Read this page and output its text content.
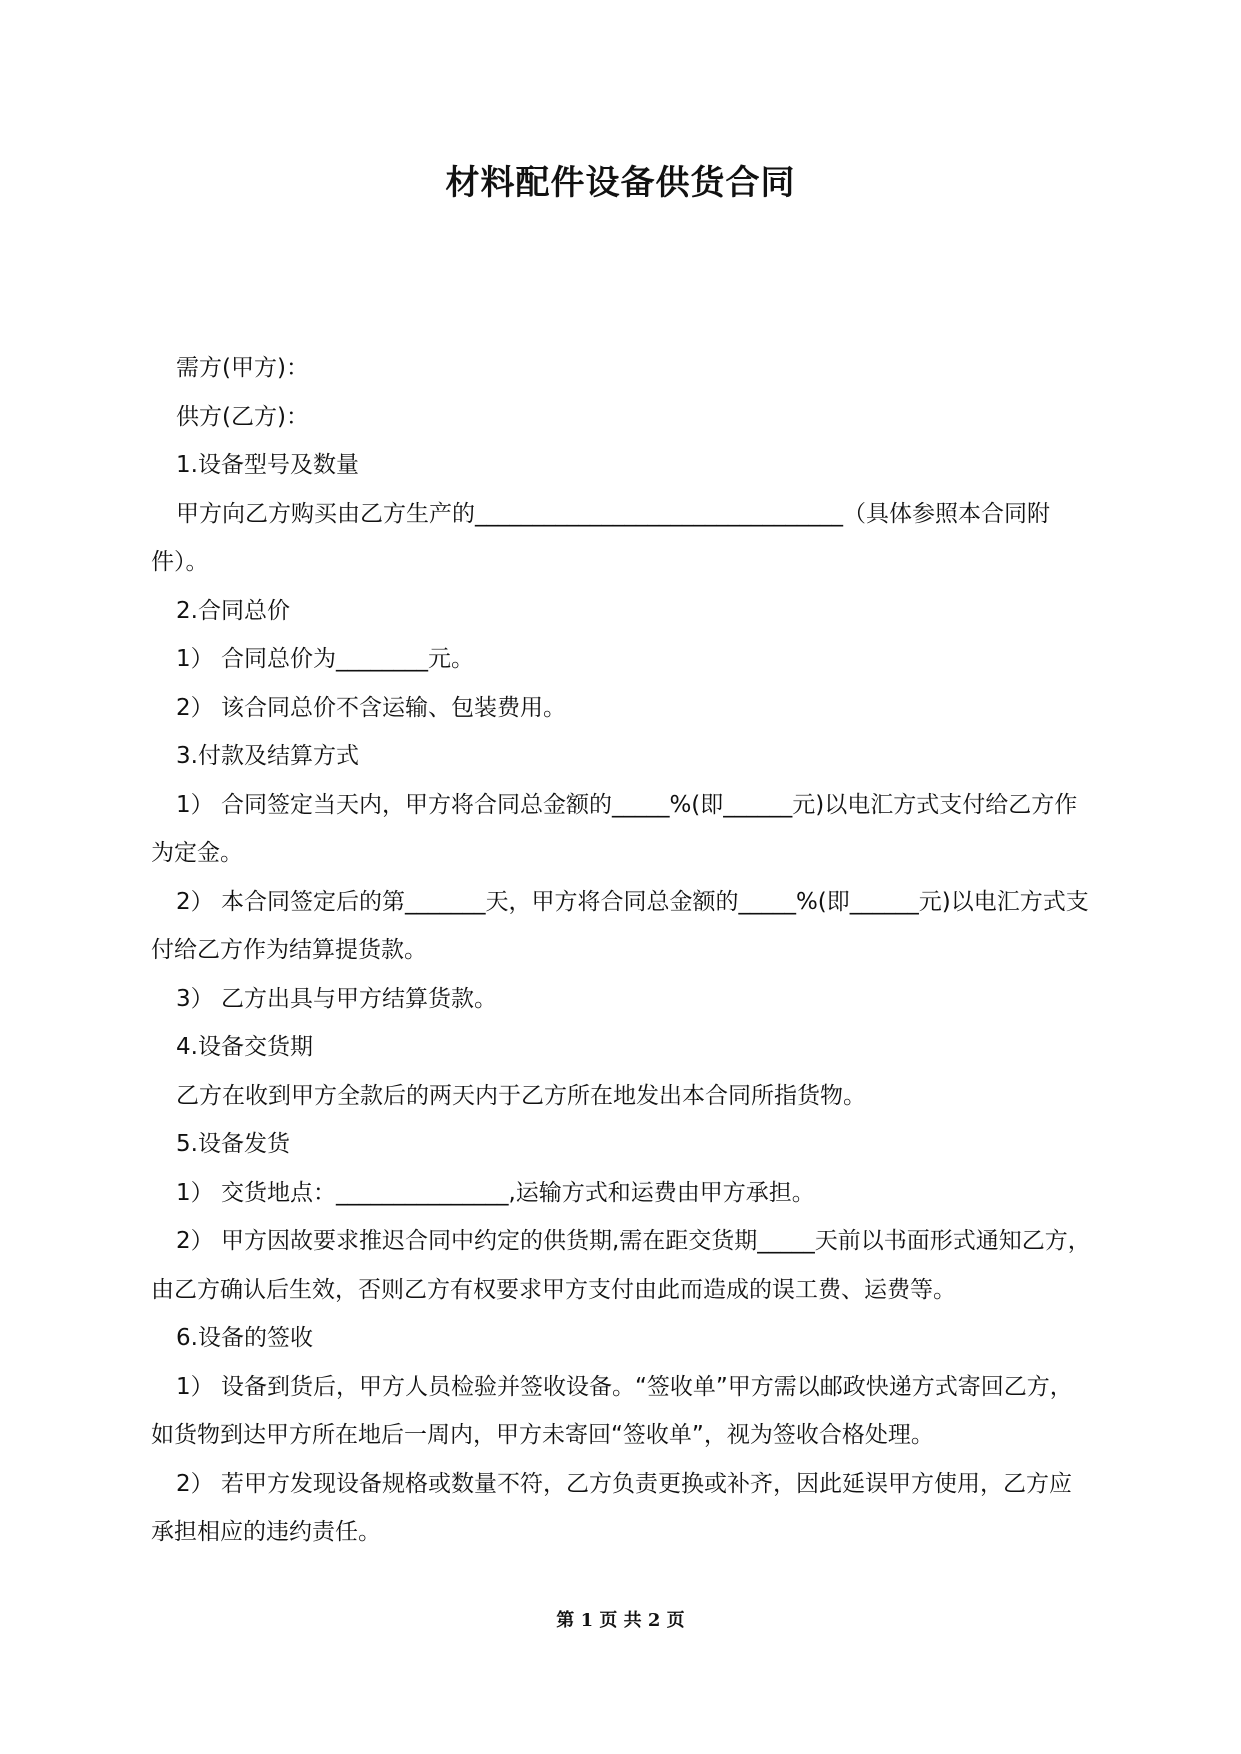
材料配件设备供货合同

需方(甲方)：

供方(乙方)：

1.设备型号及数量

甲方向乙方购买由乙方生产的________________________________（具体参照本合同附件）。

2.合同总价

1） 合同总价为________元。

2） 该合同总价不含运输、包装费用。

3.付款及结算方式

1） 合同签定当天内，甲方将合同总金额的_____%(即______元)以电汇方式支付给乙方作为定金。

2） 本合同签定后的第_______天，甲方将合同总金额的_____%(即______元)以电汇方式支付给乙方作为结算提货款。

3） 乙方出具与甲方结算货款。

4.设备交货期

乙方在收到甲方全款后的两天内于乙方所在地发出本合同所指货物。

5.设备发货

1） 交货地点：_______________,运输方式和运费由甲方承担。

2） 甲方因故要求推迟合同中约定的供货期,需在距交货期_____天前以书面形式通知乙方，由乙方确认后生效，否则乙方有权要求甲方支付由此而造成的误工费、运费等。

6.设备的签收

1） 设备到货后，甲方人员检验并签收设备。“签收单”甲方需以邮政快递方式寄回乙方，如货物到达甲方所在地后一周内，甲方未寄回“签收单”，视为签收合格处理。

2） 若甲方发现设备规格或数量不符，乙方负责更换或补齐，因此延误甲方使用，乙方应承担相应的违约责任。

第 1 页 共 2 页
